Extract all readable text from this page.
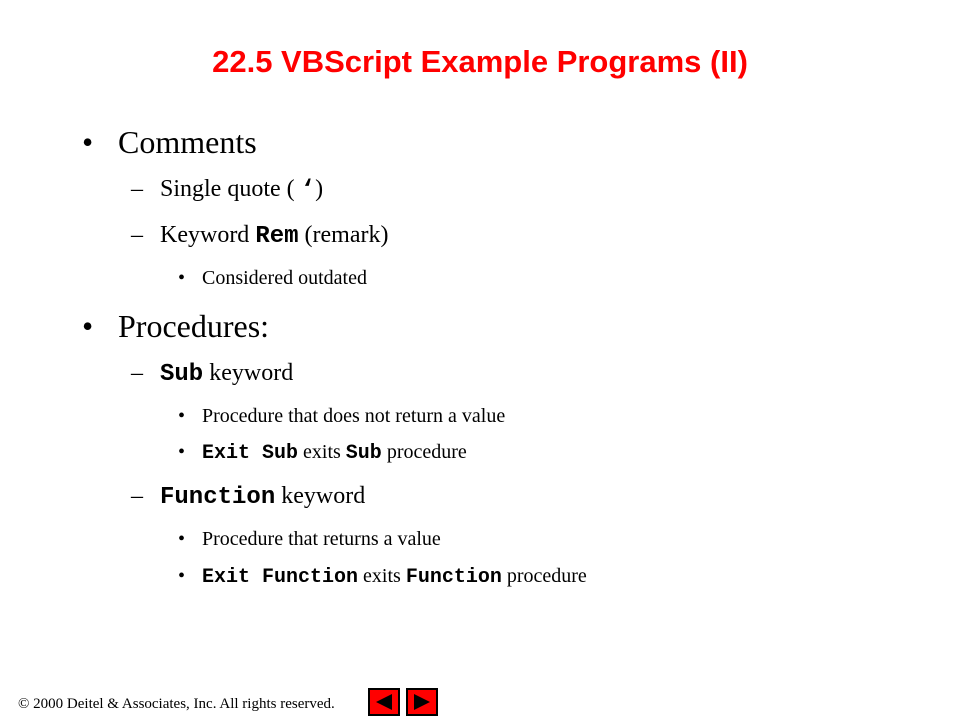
22.5 VBScript Example Programs (II)
• Comments
– Single quote ( ‘)
– Keyword Rem (remark)
• Considered outdated
• Procedures:
– Sub keyword
• Procedure that does not return a value
• Exit Sub exits Sub procedure
– Function keyword
• Procedure that returns a value
• Exit Function exits Function procedure
© 2000 Deitel & Associates, Inc. All rights reserved.
